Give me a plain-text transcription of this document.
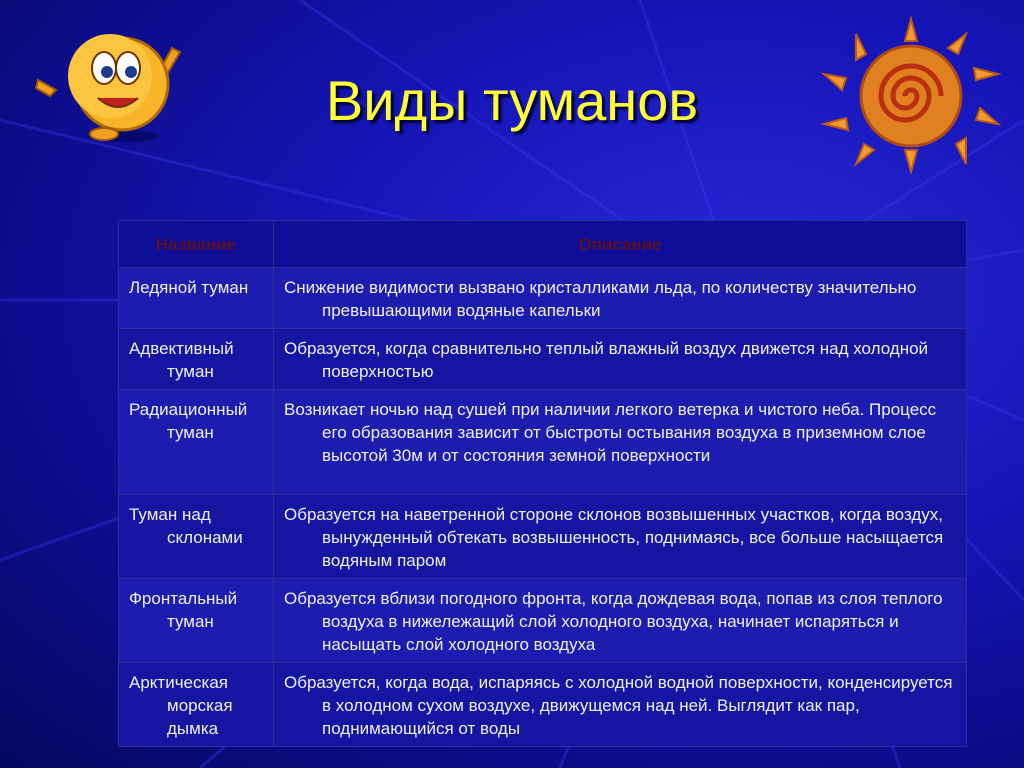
Виды туманов
Название	Описание

Ледяной туман	Снижение видимости вызвано кристалликами льда, по количеству значительно превышающими водяные капельки

Адвективный туман	Образуется, когда сравнительно теплый влажный воздух движется над холодной поверхностью

Радиационный туман	Возникает ночью над сушей при наличии легкого ветерка и чистого неба. Процесс его образования зависит от быстроты остывания воздуха в приземном слое высотой 30м и от состояния земной поверхности

Туман над склонами	Образуется на наветренной стороне склонов возвышенных участков, когда воздух, вынужденный обтекать возвышенность, поднимаясь, все больше насыщается водяным паром

Фронтальный туман	Образуется вблизи погодного фронта, когда дождевая вода, попав из слоя теплого воздуха в нижележащий слой холодного воздуха, начинает испаряться и насыщать слой холодного воздуха

Арктическая морская дымка	Образуется, когда вода, испаряясь с холодной водной поверхности, конденсируется в холодном сухом воздухе, движущемся над ней. Выглядит как пар, поднимающийся от воды
